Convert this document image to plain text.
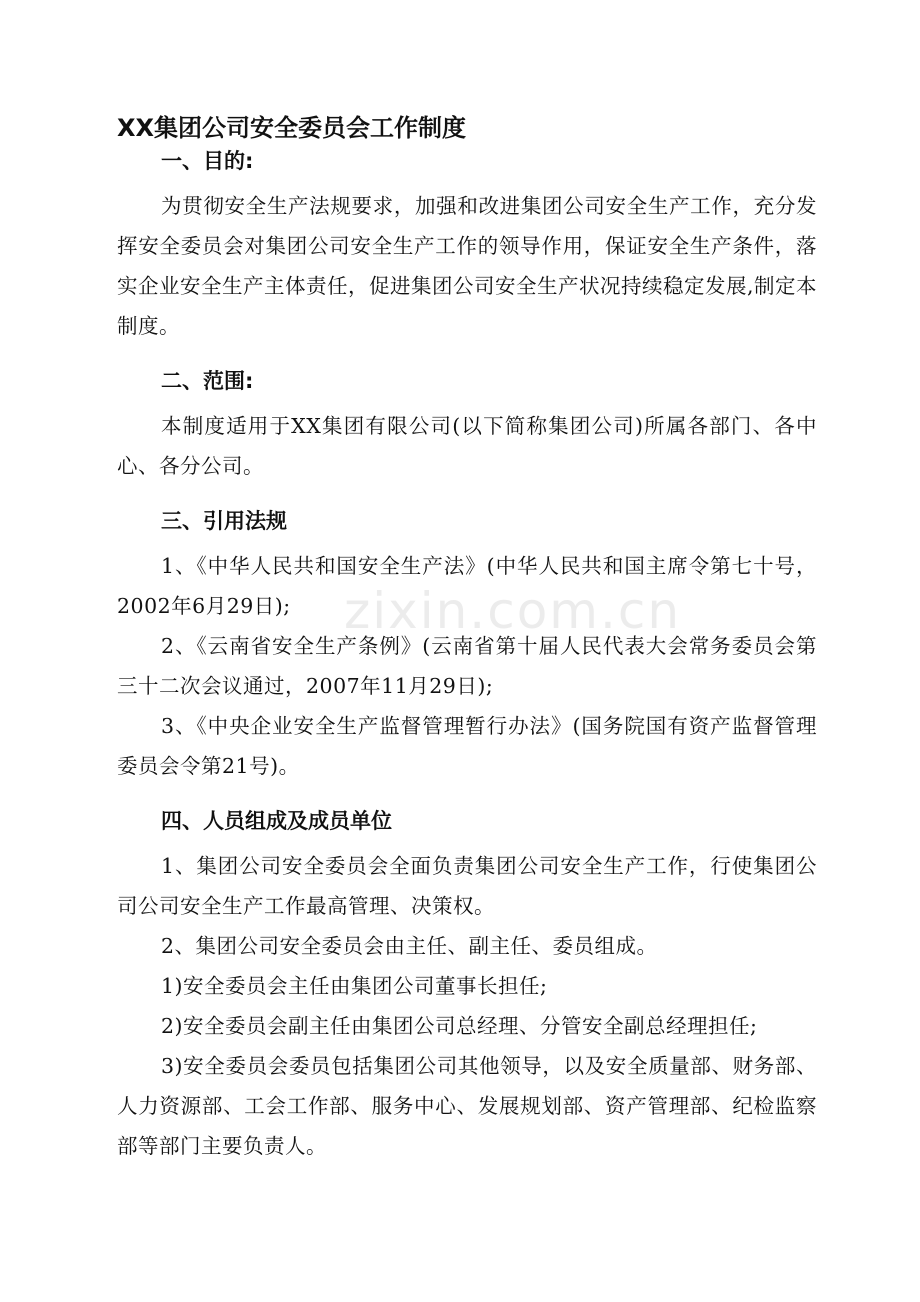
XX集团公司安全委员会工作制度
一、目的:

为贯彻安全生产法规要求，加强和改进集团公司安全生产工作，充分发挥安全委员会对集团公司安全生产工作的领导作用，保证安全生产条件，落实企业安全生产主体责任，促进集团公司安全生产状况持续稳定发展,制定本制度。

二、范围:

本制度适用于XX集团有限公司(以下简称集团公司)所属各部门、各中心、各分公司。

三、引用法规

1、《中华人民共和国安全生产法》(中华人民共和国主席令第七十号，2002年6月29日);

2、《云南省安全生产条例》(云南省第十届人民代表大会常务委员会第三十二次会议通过，2007年11月29日);

3、《中央企业安全生产监督管理暂行办法》(国务院国有资产监督管理委员会令第21号)。

四、人员组成及成员单位

1、集团公司安全委员会全面负责集团公司安全生产工作，行使集团公司公司安全生产工作最高管理、决策权。

2、集团公司安全委员会由主任、副主任、委员组成。

1)安全委员会主任由集团公司董事长担任;

2)安全委员会副主任由集团公司总经理、分管安全副总经理担任;

3)安全委员会委员包括集团公司其他领导，以及安全质量部、财务部、人力资源部、工会工作部、服务中心、发展规划部、资产管理部、纪检监察部等部门主要负责人。

zixin.com.cn
